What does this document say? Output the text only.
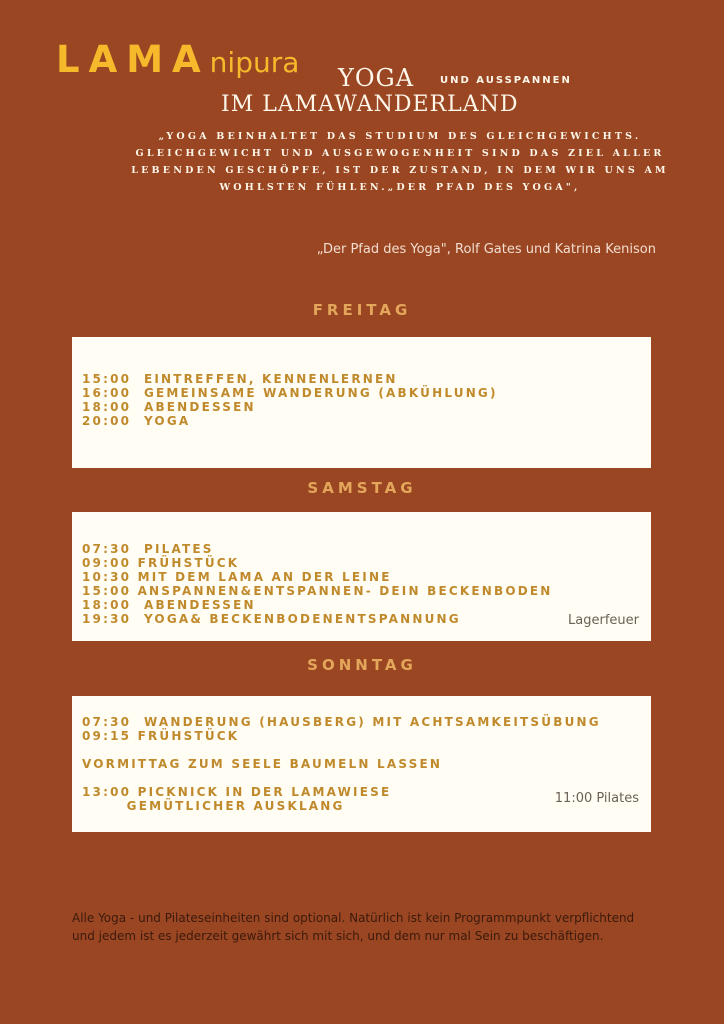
LAMAnipura YOGA	UND AUSSPANNEN
IM LAMAWANDERLAND
„YOGA BEINHALTET DAS STUDIUM DES GLEICHGEWICHTS.
GLEICHGEWICHT UND AUSGEWOGENHEIT SIND DAS ZIEL ALLER
LEBENDEN GESCHÖPFE, IST DER ZUSTAND, IN DEM WIR UNS AM
WOHLSTEN FÜHLEN.„DER PFAD DES YOGA",
„Der Pfad des Yoga", Rolf Gates und Katrina Kenison
FREITAG
15:00  EINTREFFEN, KENNENLERNEN
16:00  GEMEINSAME WANDERUNG (ABKÜHLUNG)
18:00  ABENDESSEN
20:00  YOGA
SAMSTAG
07:30  PILATES
09:00 FRÜHSTÜCK
10:30 MIT DEM LAMA AN DER LEINE
15:00 ANSPANNEN&ENTSPANNEN- DEIN BECKENBODEN
18:00  ABENDESSEN
19:30  YOGA& BECKENBODENENTSPANNUNG	Lagerfeuer
SONNTAG
07:30  WANDERUNG (HAUSBERG) MIT ACHTSAMKEITSÜBUNG
09:15 FRÜHSTÜCK
VORMITTAG ZUM SEELE BAUMELN LASSEN
13:00 PICKNICK IN DER LAMAWIESE
GEMÜTLICHER AUSKLANG	11:00 Pilates
Alle Yoga - und Pilateseinheiten sind optional. Natürlich ist kein Programmpunkt verpflichtend
und jedem ist es jederzeit gewährt sich mit sich, und dem nur mal Sein zu beschäftigen.
